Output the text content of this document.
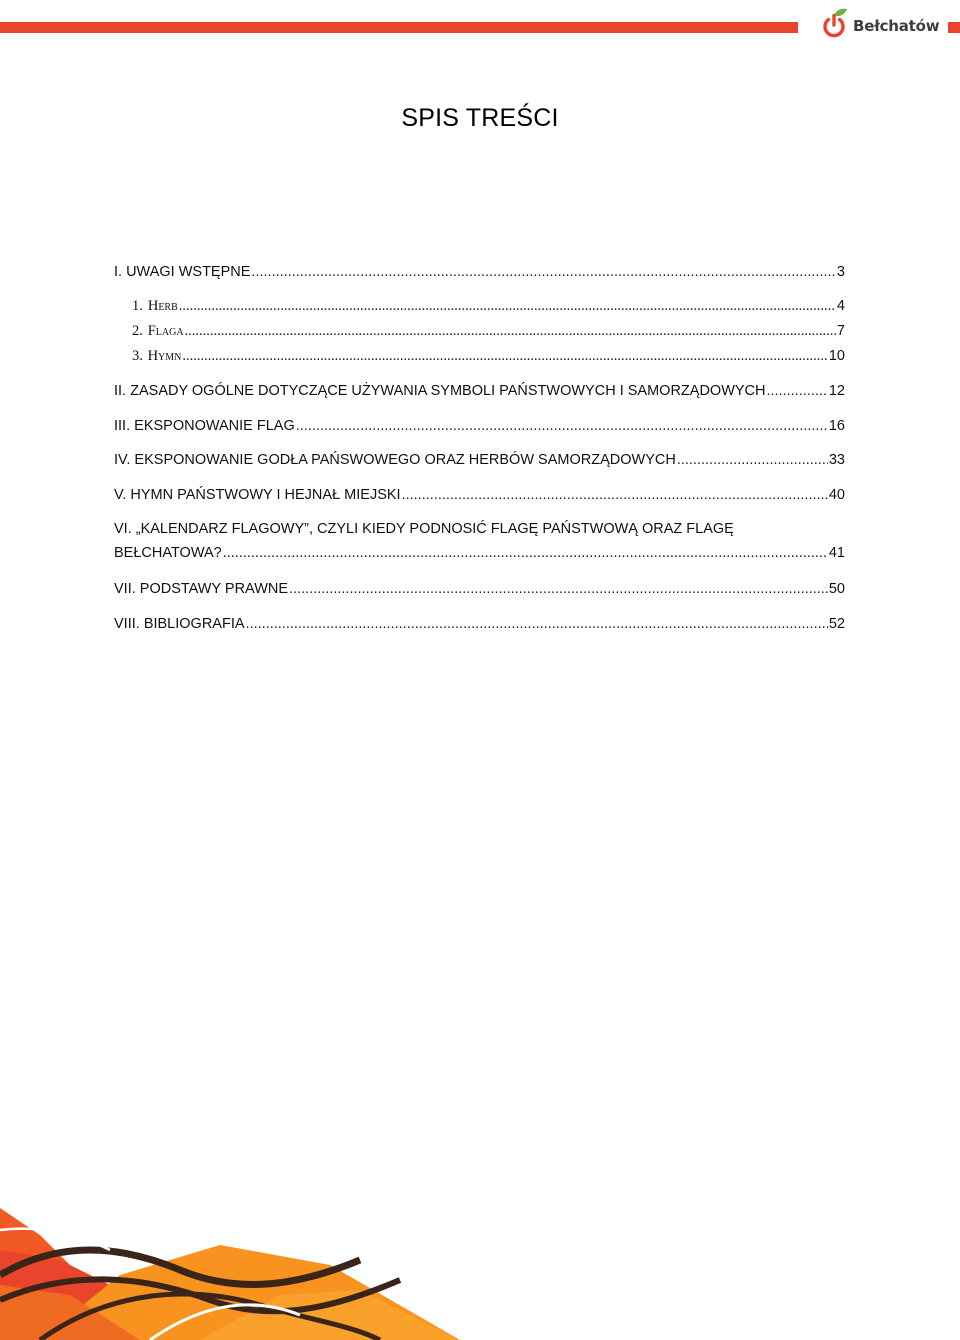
Bełchatów
SPIS TREŚCI
I. UWAGI WSTĘPNE .....	3
1. Herb .....	4
2. Flaga .....	7
3. Hymn .....	10
II. ZASADY OGÓLNE DOTYCZĄCE UŻYWANIA SYMBOLI PAŃSTWOWYCH I SAMORZĄDOWYCH .....	12
III. EKSPONOWANIE FLAG .....	16
IV. EKSPONOWANIE GODŁA PAŃSWOWEGO ORAZ HERBÓW SAMORZĄDOWYCH .....	33
V. HYMN PAŃSTWOWY I HEJNAŁ MIEJSKI .....	40
VI. „KALENDARZ FLAGOWY”, CZYLI KIEDY PODNOSIĆ FLAGĘ PAŃSTWOWĄ ORAZ FLAGĘ
BEŁCHATOWA? .....	41
VII. PODSTAWY PRAWNE .....	50
VIII. BIBLIOGRAFIA .....	52
